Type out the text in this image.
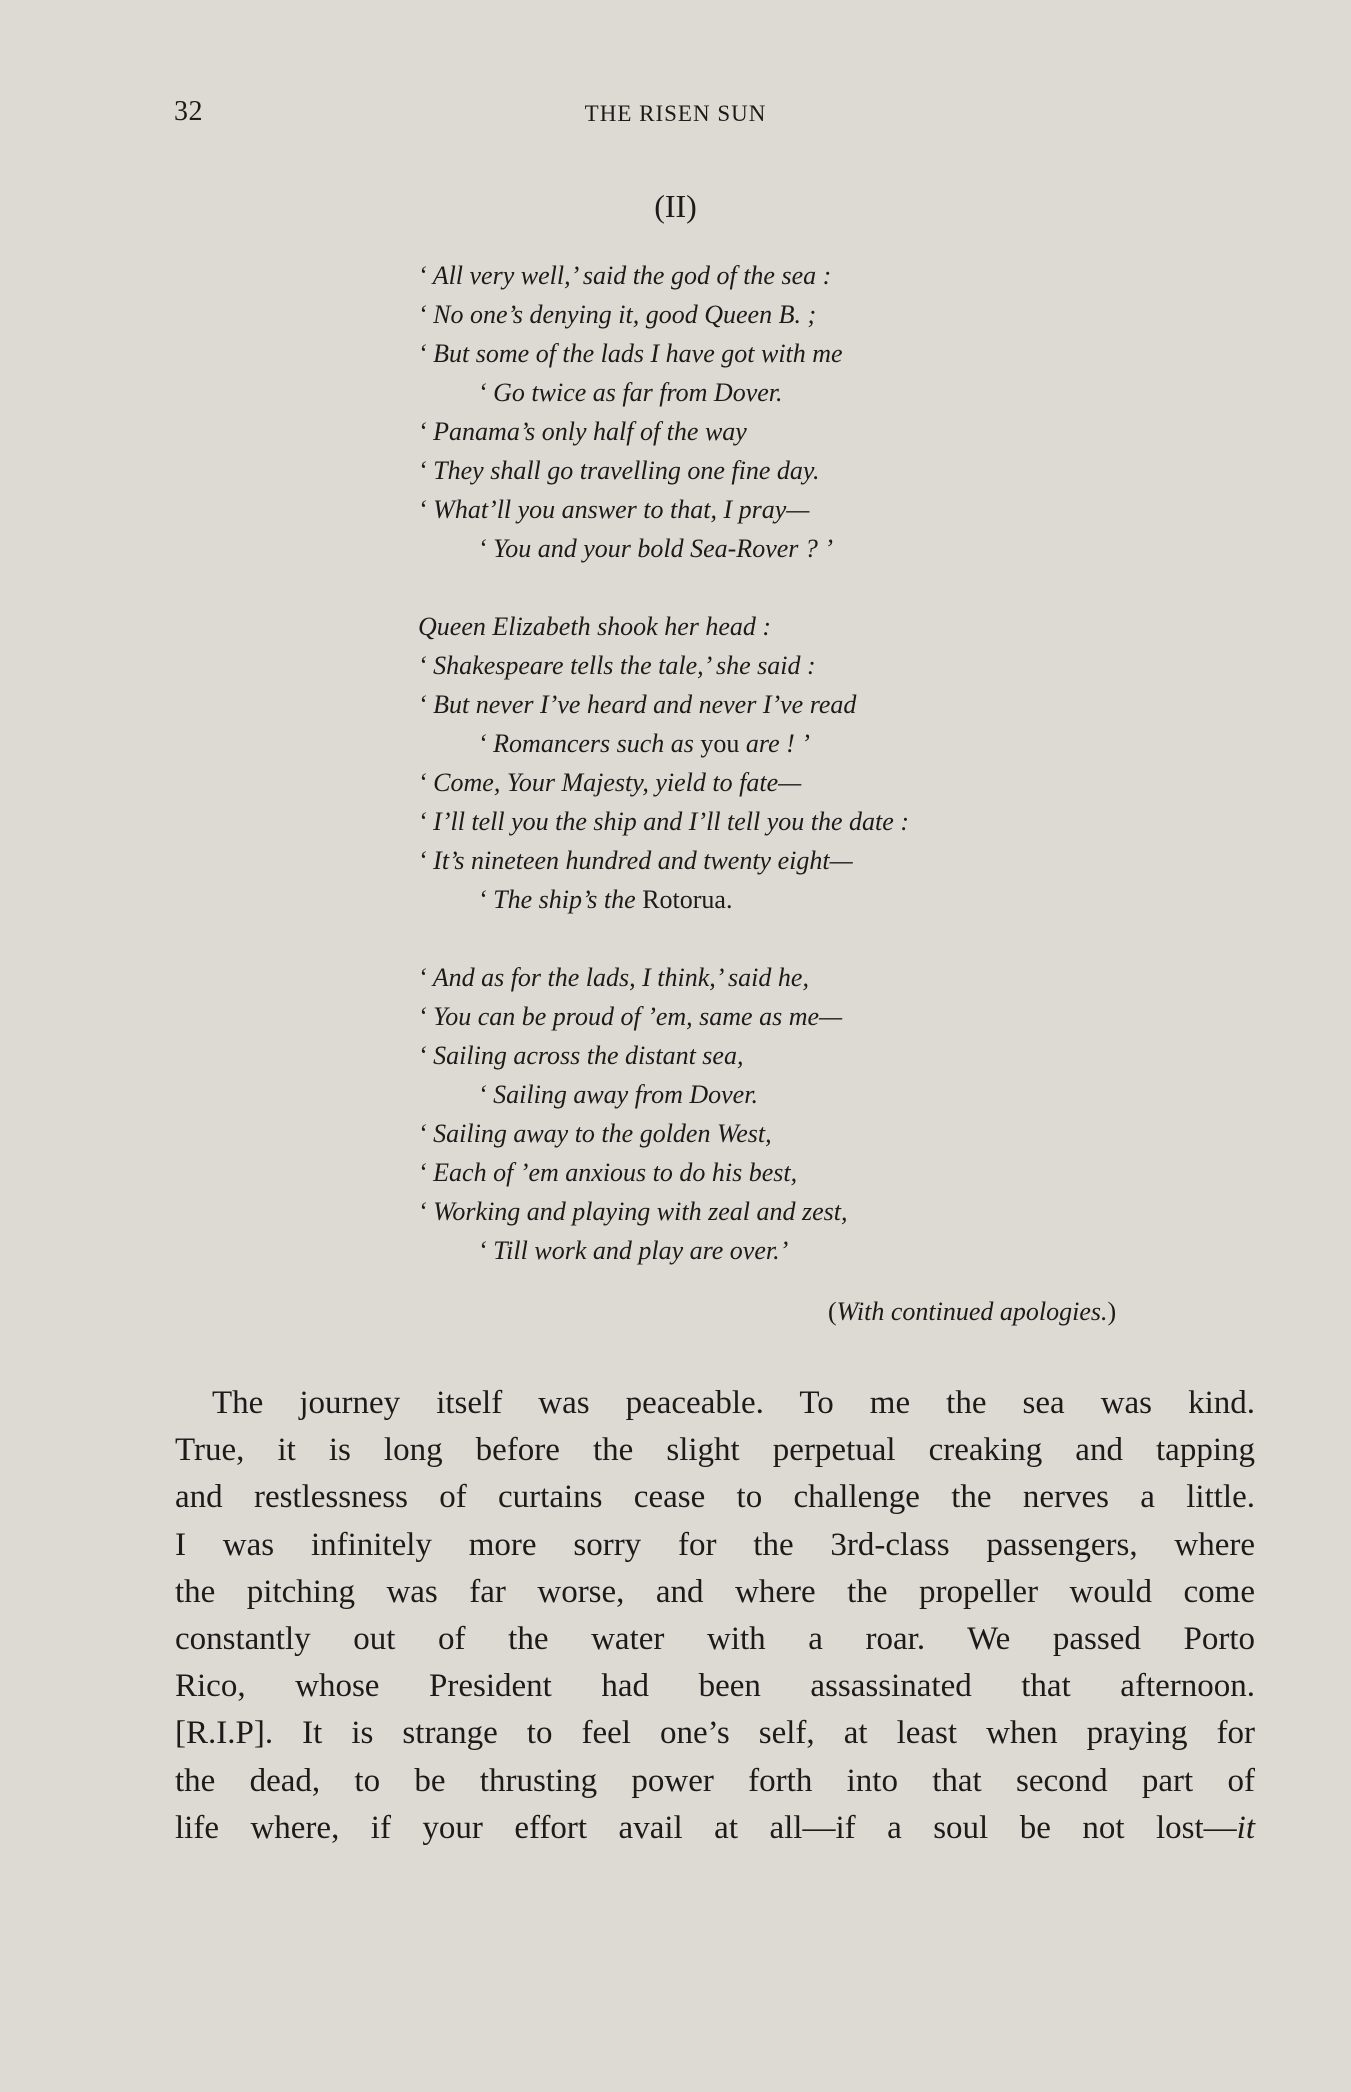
32	THE RISEN SUN
(II)
‘ All very well,’ said the god of the sea :
‘ No one’s denying it, good Queen B. ;
‘ But some of the lads I have got with me
‘ Go twice as far from Dover.
‘ Panama’s only half of the way
‘ They shall go travelling one fine day.
‘ What’ll you answer to that, I pray—
‘ You and your bold Sea-Rover ? ’
Queen Elizabeth shook her head :
‘ Shakespeare tells the tale,’ she said :
‘ But never I’ve heard and never I’ve read
‘ Romancers such as you are ! ’
‘ Come, Your Majesty, yield to fate—
‘ I’ll tell you the ship and I’ll tell you the date :
‘ It’s nineteen hundred and twenty eight—
‘ The ship’s the Rotorua.
‘ And as for the lads, I think,’ said he,
‘ You can be proud of ’em, same as me—
‘ Sailing across the distant sea,
‘ Sailing away from Dover.
‘ Sailing away to the golden West,
‘ Each of ’em anxious to do his best,
‘ Working and playing with zeal and zest,
‘ Till work and play are over.’
(With continued apologies.)
The journey itself was peaceable. To me the sea was kind.
True, it is long before the slight perpetual creaking and tapping
and restlessness of curtains cease to challenge the nerves a little.
I was infinitely more sorry for the 3rd-class passengers, where
the pitching was far worse, and where the propeller would come
constantly out of the water with a roar. We passed Porto
Rico, whose President had been assassinated that afternoon.
[R.I.P]. It is strange to feel one’s self, at least when praying for
the dead, to be thrusting power forth into that second part of
life where, if your effort avail at all—if a soul be not lost—it
